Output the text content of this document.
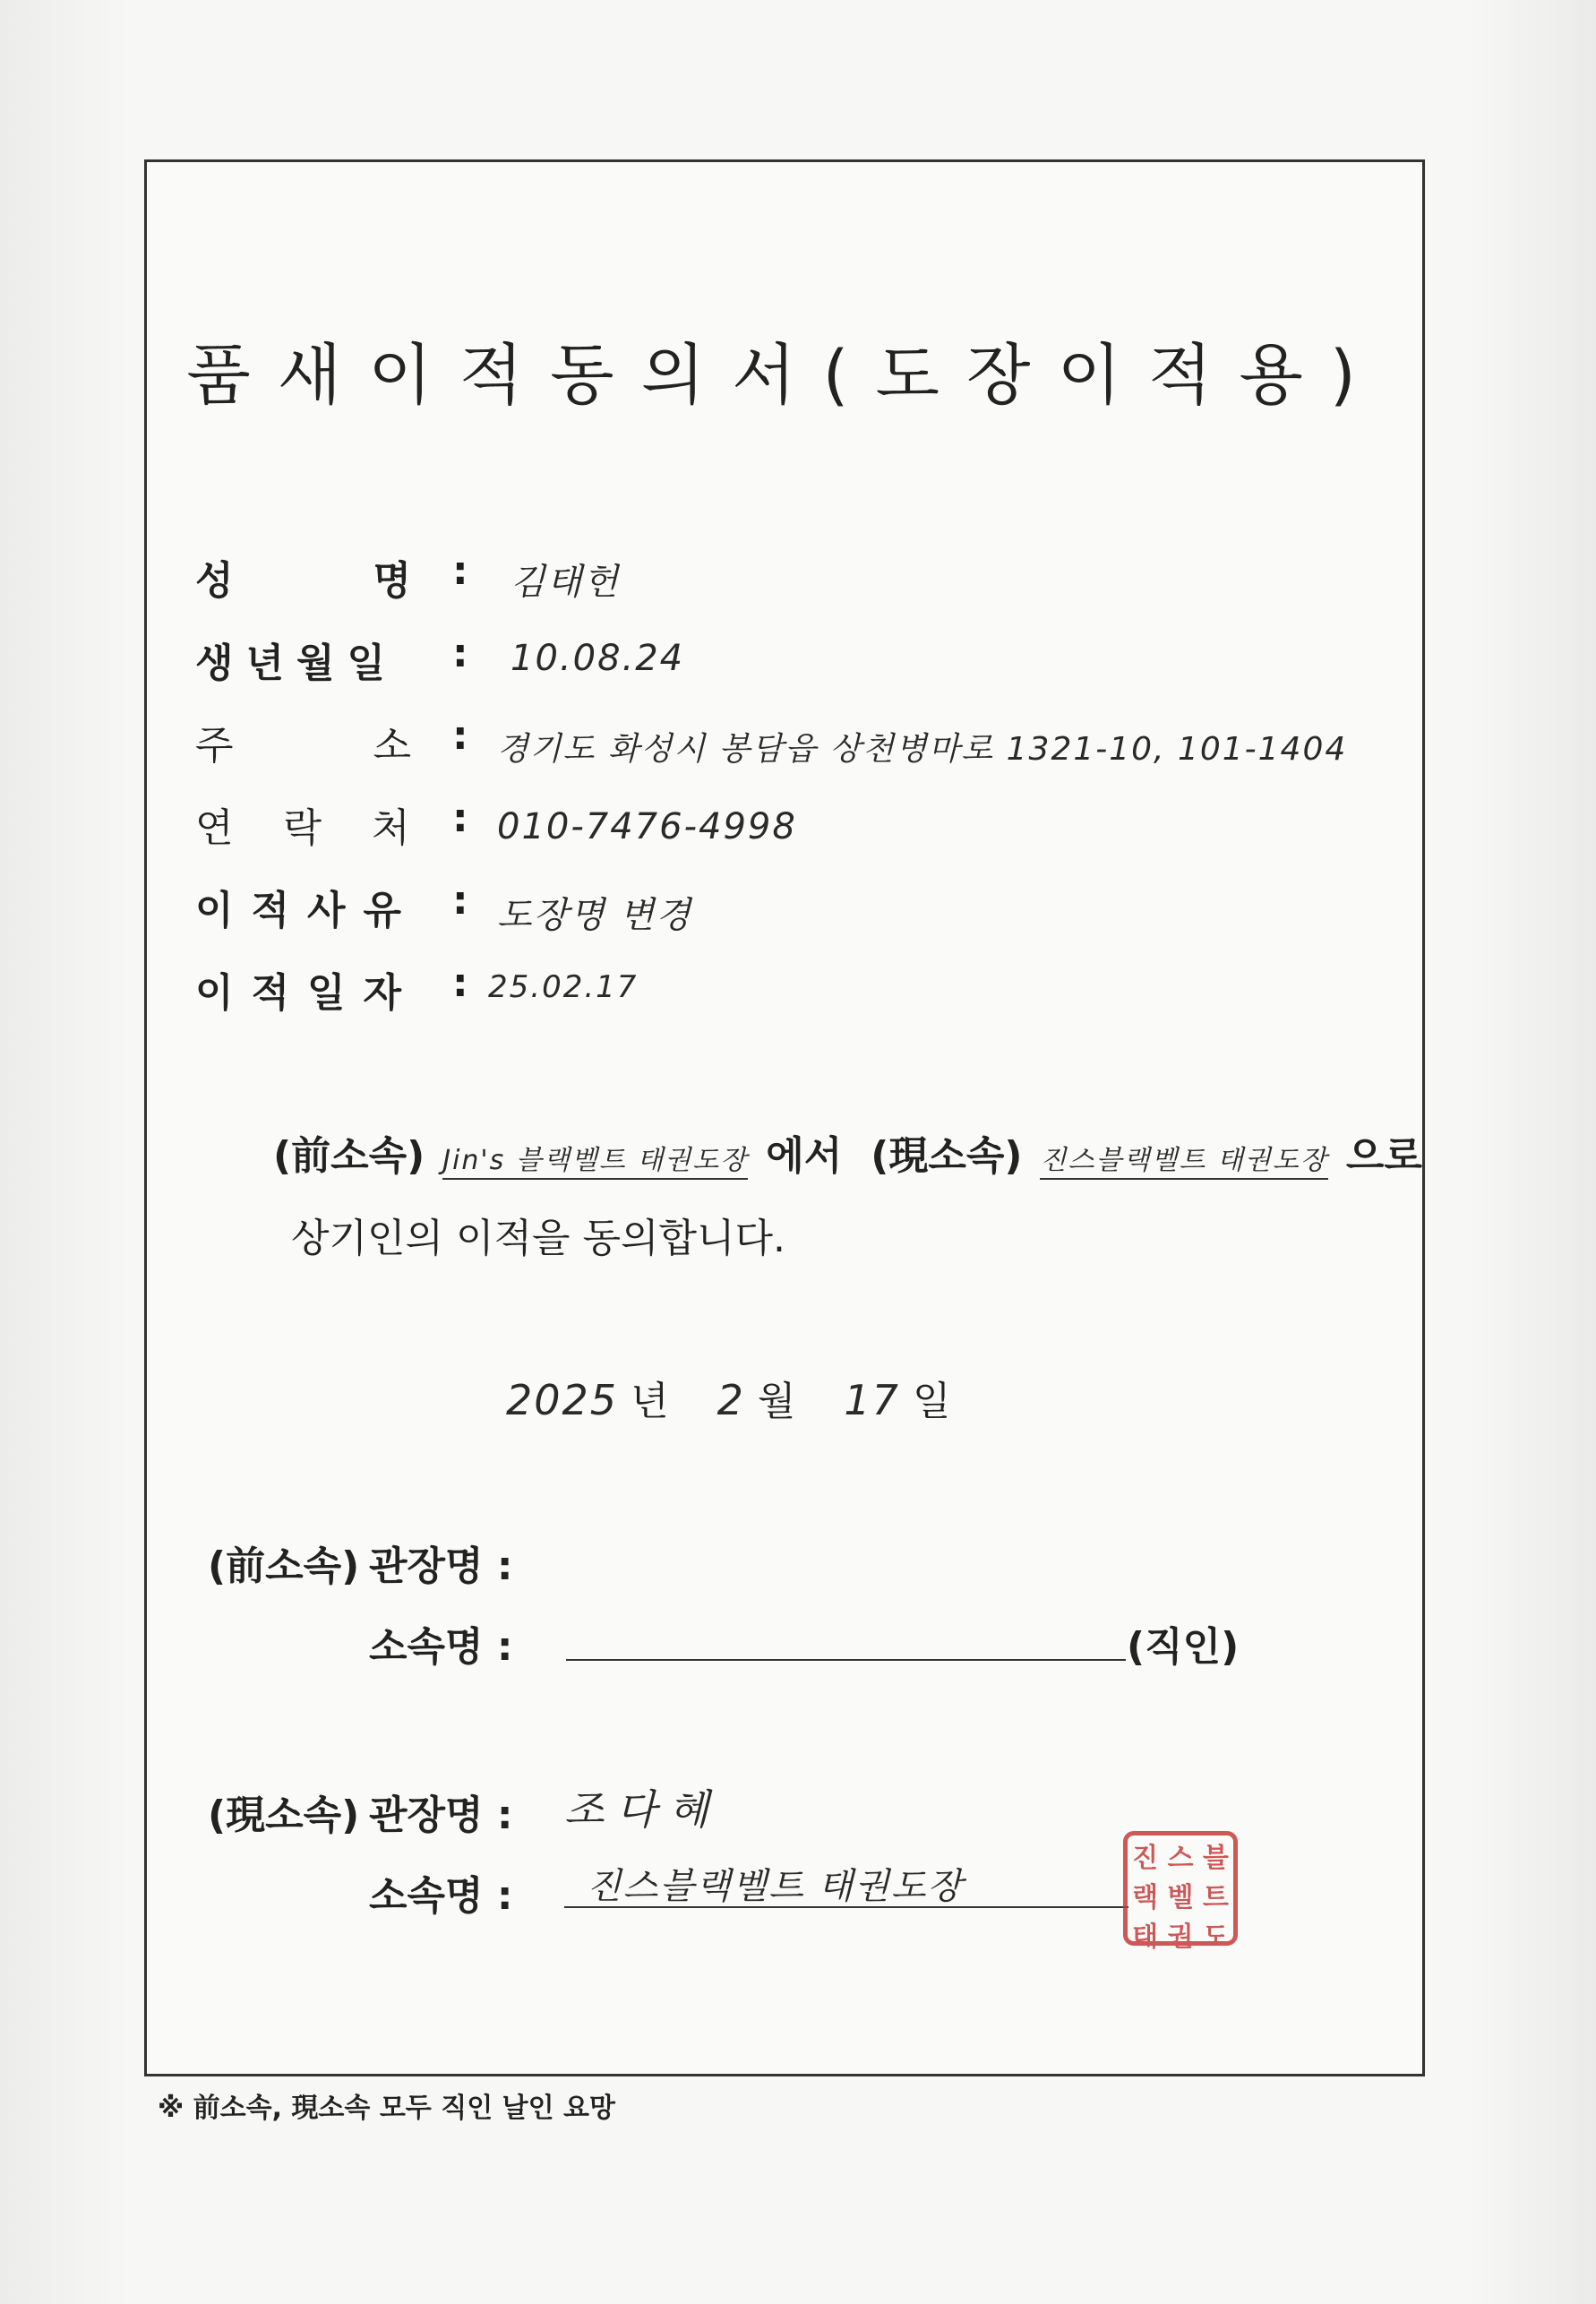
품새이적동의서(도장이적용)
성　　　명 : 김태헌
생년월일 : 10.08.24
주　　　소 : 경기도 화성시 봉담읍 상천병마로 1321-10, 101-1404
연　락　처 : 010-7476-4998
이적사유 : 도장명 변경
이적일자 : 25.02.17
(前소속) Jin's 블랙벨트 태권도장 에서 (現소속) 진스블랙벨트 태권도장 으로
상기인의 이적을 동의합니다.
2025 년 2 월 17 일
(前소속) 관장명 :
소속명 :	(직인)
(現소속) 관장명 : 조다혜
소속명 : 진스블랙벨트 태권도장
진 스 블
랙 벨 트
태 권 도
※ 前소속, 現소속 모두 직인 날인 요망
